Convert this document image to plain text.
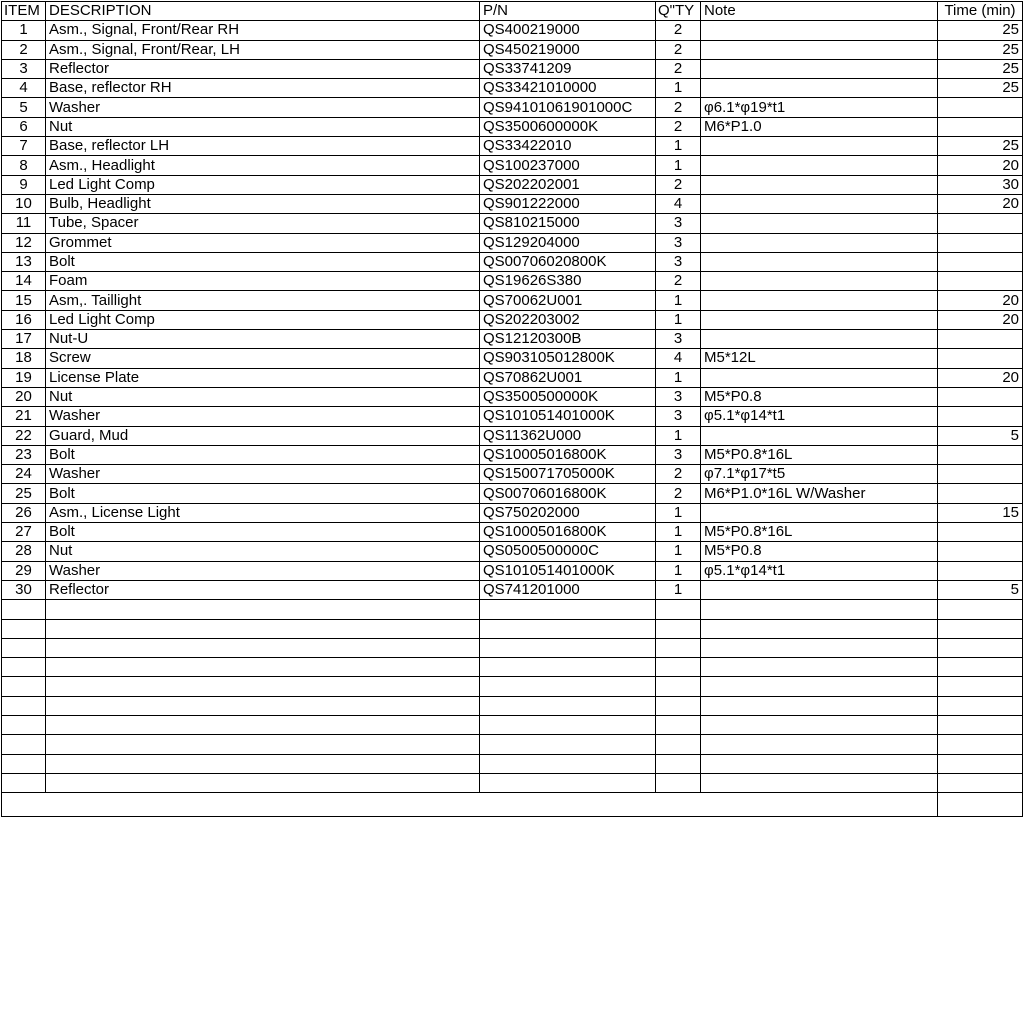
ITEM	DESCRIPTION	P/N	Q"TY	Note	Time (min)
1	Asm., Signal, Front/Rear RH	QS400219000	2		25
2	Asm., Signal, Front/Rear, LH	QS450219000	2		25
3	Reflector	QS33741209	2		25
4	Base, reflector RH	QS33421010000	1		25
5	Washer	QS94101061901000C	2	φ6.1*φ19*t1	
6	Nut	QS3500600000K	2	M6*P1.0	
7	Base, reflector LH	QS33422010	1		25
8	Asm., Headlight	QS100237000	1		20
9	Led Light Comp	QS202202001	2		30
10	Bulb, Headlight	QS901222000	4		20
11	Tube, Spacer	QS810215000	3		
12	Grommet	QS129204000	3		
13	Bolt	QS00706020800K	3		
14	Foam	QS19626S380	2		
15	Asm,. Taillight	QS70062U001	1		20
16	Led Light Comp	QS202203002	1		20
17	Nut-U	QS12120300B	3		
18	Screw	QS903105012800K	4	M5*12L	
19	License Plate	QS70862U001	1		20
20	Nut	QS3500500000K	3	M5*P0.8	
21	Washer	QS101051401000K	3	φ5.1*φ14*t1	
22	Guard, Mud	QS11362U000	1		5
23	Bolt	QS10005016800K	3	M5*P0.8*16L	
24	Washer	QS150071705000K	2	φ7.1*φ17*t5	
25	Bolt	QS00706016800K	2	M6*P1.0*16L W/Washer	
26	Asm., License Light	QS750202000	1		15
27	Bolt	QS10005016800K	1	M5*P0.8*16L	
28	Nut	QS0500500000C	1	M5*P0.8	
29	Washer	QS101051401000K	1	φ5.1*φ14*t1	
30	Reflector	QS741201000	1		5
